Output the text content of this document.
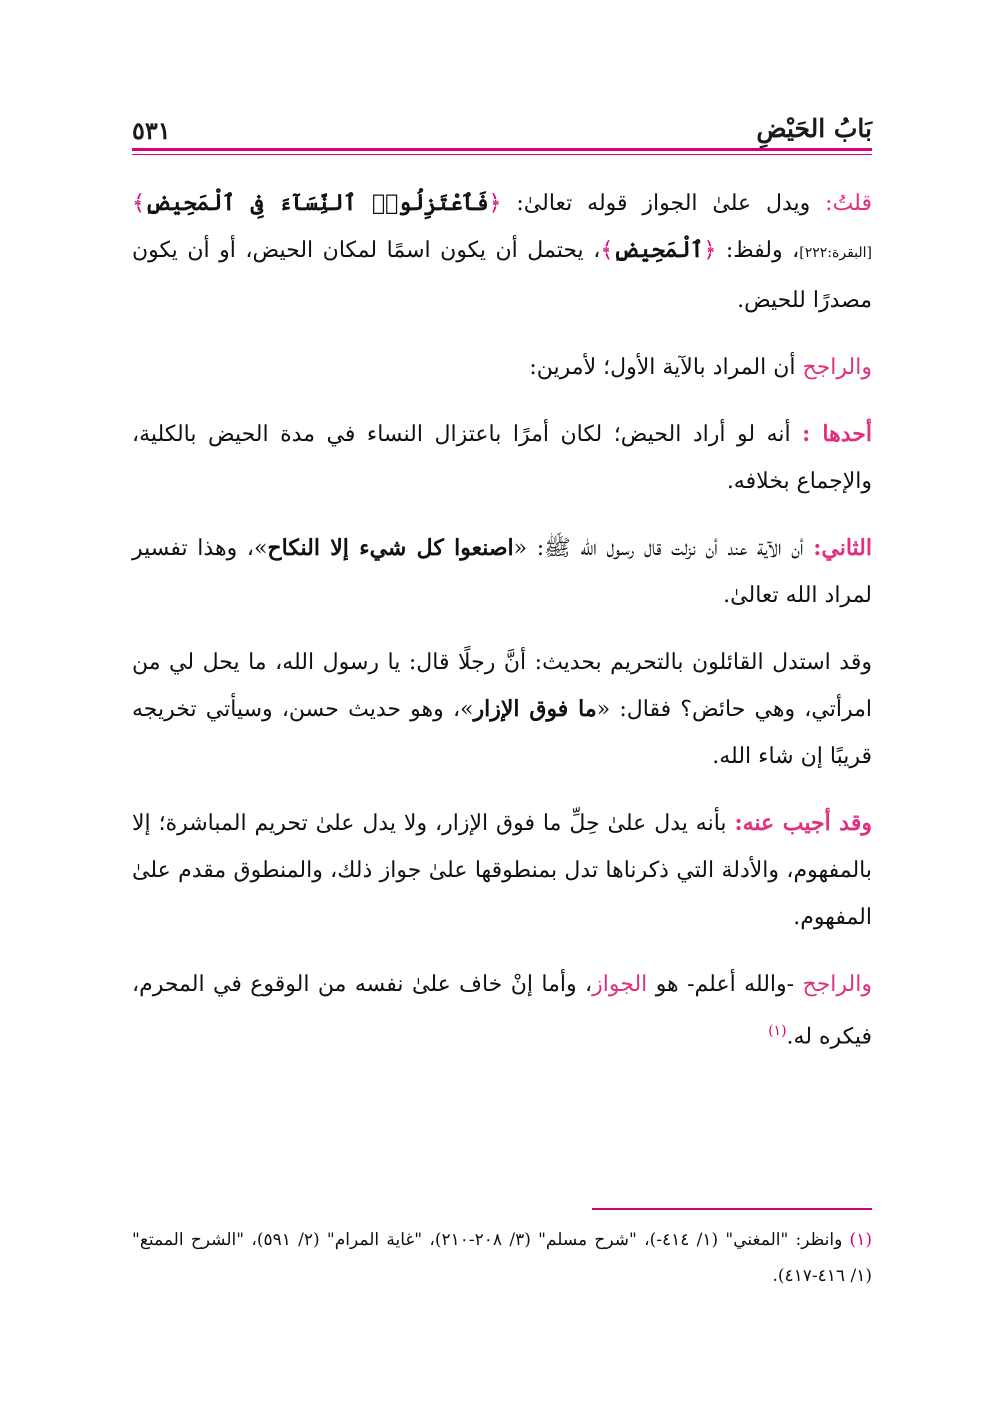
بَابُ الحَيْضِ
٥٣١

قلتُ: ويدل علىٰ الجواز قوله تعالىٰ: ﴿فَٱعْتَزِلُوا۟ ٱلنِّسَآءَ فِى ٱلْمَحِيضِ﴾ [البقرة:٢٢٢]، ولفظ: ﴿ٱلْمَحِيضِ﴾، يحتمل أن يكون اسمًا لمكان الحيض، أو أن يكون مصدرًا للحيض.

والراجح أن المراد بالآية الأول؛ لأمرين:

أحدها : أنه لو أراد الحيض؛ لكان أمرًا باعتزال النساء في مدة الحيض بالكلية، والإجماع بخلافه.

الثاني: أن الآية عند أن نزلت قال رسول الله ﷺ: «اصنعوا كل شيء إلا النكاح»، وهذا تفسير لمراد الله تعالىٰ.

وقد استدل القائلون بالتحريم بحديث: أنَّ رجلًا قال: يا رسول الله، ما يحل لي من امرأتي، وهي حائض؟ فقال: «ما فوق الإزار»، وهو حديث حسن، وسيأتي تخريجه قريبًا إن شاء الله.

وقد أجيب عنه: بأنه يدل علىٰ حِلِّ ما فوق الإزار، ولا يدل علىٰ تحريم المباشرة؛ إلا بالمفهوم، والأدلة التي ذكرناها تدل بمنطوقها علىٰ جواز ذلك، والمنطوق مقدم علىٰ المفهوم.

والراجح -والله أعلم- هو الجواز، وأما إنْ خاف علىٰ نفسه من الوقوع في المحرم، فيكره له.$^{(١)}$

(١) وانظر: "المغني" (١/ ٤١٤-)، "شرح مسلم" (٣/ ٢٠٨-٢١٠)، "غاية المرام" (٢/ ٥٩١)، "الشرح الممتع" (١/ ٤١٦-٤١٧).
